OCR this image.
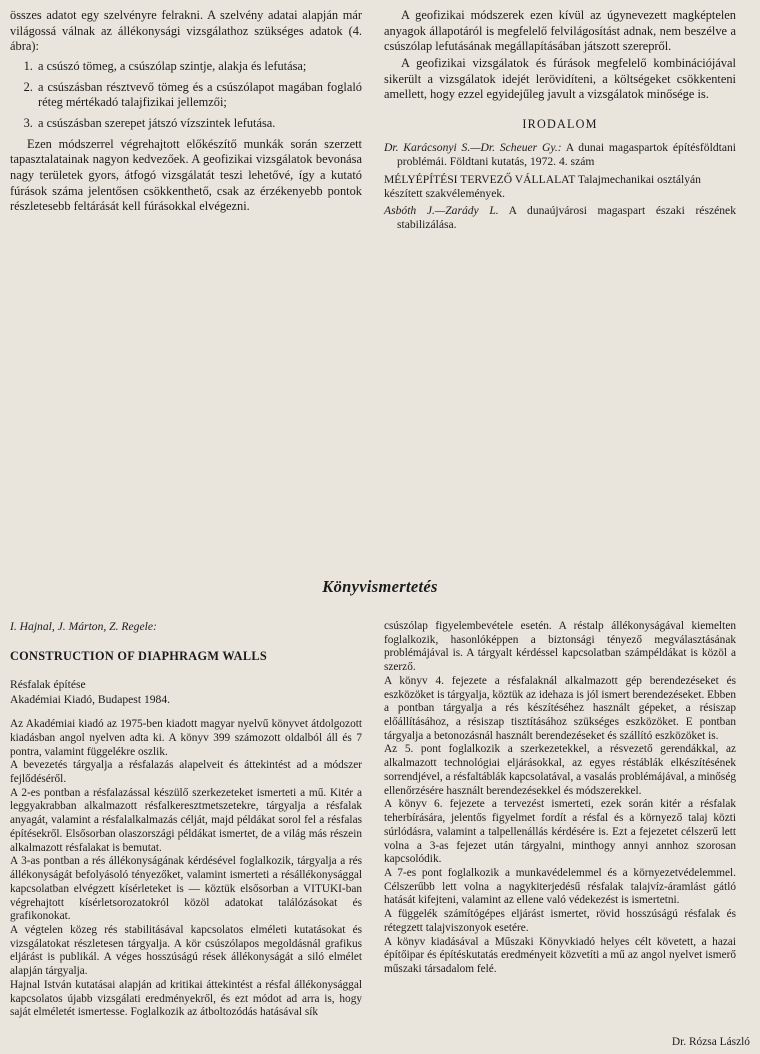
összes adatot egy szelvényre felrakni. A szelvény adatai alapján már világossá válnak az állékonysági vizsgálathoz szükséges adatok (4. ábra):

1. a csúszó tömeg, a csúszólap szintje, alakja és lefutása;
2. a csúszásban résztvevő tömeg és a csúszólapot magában foglaló réteg mértékadó talajfizikai jellemzői;
3. a csúszásban szerepet játszó vízszintek lefutása.

Ezen módszerrel végrehajtott előkészítő munkák során szerzett tapasztalatainak nagyon kedvezőek. A geofizikai vizsgálatok bevonása nagy területek gyors, átfogó vizsgálatát teszi lehetővé, így a kutató fúrások száma jelentősen csökkenthető, csak az érzékenyebb pontok részletesebb feltárását kell fúrásokkal elvégezni.

A geofizikai módszerek ezen kívül az úgynevezett magképtelen anyagok állapotáról is megfelelő felvilágosítást adnak, nem beszélve a csúszólap lefutásának megállapításában játszott szerepről.

A geofizikai vizsgálatok és fúrások megfelelő kombinációjával sikerült a vizsgálatok idejét lerövidíteni, a költségeket csökkenteni amellett, hogy ezzel egyidejűleg javult a vizsgálatok minősége is.

IRODALOM
Dr. Karácsonyi S.—Dr. Scheuer Gy.: A dunai magaspartok építésföldtani problémái. Földtani kutatás, 1972. 4. szám
MÉLYÉPÍTÉSI TERVEZŐ VÁLLALAT Talajmechanikai osztályán készített szakvélemények.
Asbóth J.—Zarády L. A dunaújvárosi magaspart északi részének stabilizálása.
Könyvismertetés
I. Hajnal, J. Márton, Z. Regele:
CONSTRUCTION OF DIAPHRAGM WALLS
Résfalak építése
Akadémiai Kiadó, Budapest 1984.

Az Akadémiai kiadó az 1975-ben kiadott magyar nyelvű könyvet átdolgozott kiadásban angol nyelven adta ki. A könyv 399 számozott oldalból áll és 7 pontra, valamint függelékre oszlik.

A bevezetés tárgyalja a résfalazás alapelveit és áttekintést ad a módszer fejlődéséről.

A 2-es pontban a résfalazással készülő szerkezeteket ismerteti a mű. Kitér a leggyakrabban alkalmazott résfalkeresztmetszetekre, tárgyalja a résfalak anyagát, valamint a résfalalkalmazás célját, majd példákat sorol fel a résfalas építésekről. Elsősorban olaszországi példákat ismertet, de a világ más részein alkalmazott résfalakat is bemutat.

A 3-as pontban a rés állékonyságának kérdésével foglalkozik, tárgyalja a rés állékonyságát befolyásoló tényezőket, valamint ismerteti a résállékonysággal kapcsolatban elvégzett kísérleteket is — köztük elsősorban a VITUKI-ban végrehajtott kísérletsorozatokról közöl adatokat találózásokat és grafikonokat.

A végtelen közeg rés stabilitásával kapcsolatos elméleti kutatásokat és vizsgálatokat részletesen tárgyalja. A kör csúszólapos megoldásnál grafikus eljárást is publikál. A véges hosszúságú rések állékonyságát a siló elmélet alapján tárgyalja.

Hajnal István kutatásai alapján ad kritikai áttekintést a résfal állékonysággal kapcsolatos újabb vizsgálati eredményekről, és ezt módot ad arra is, hogy saját elméletét ismertesse. Foglalkozik az átboltozódás hatásával sík

csúszólap figyelembevétele esetén. A réstalp állékonyságával kiemelten foglalkozik, hasonlóképpen a biztonsági tényező megválasztásának problémájával is. A tárgyalt kérdéssel kapcsolatban számpéldákat is közöl a szerző.

A könyv 4. fejezete a résfalaknál alkalmazott gép berendezéseket és eszközöket is tárgyalja, köztük az idehaza is jól ismert berendezéseket. Ebben a pontban tárgyalja a rés készítéséhez használt gépeket, a résiszap előállításához, a résiszap tisztításához szükséges eszközöket. E pontban tárgyalja a betonozásnál használt berendezéseket és szállító eszközöket is.

Az 5. pont foglalkozik a szerkezetekkel, a résvezető gerendákkal, az alkalmazott technológiai eljárásokkal, az egyes réstáblák elkészítésének sorrendjével, a résfaltáblák kapcsolatával, a vasalás problémájával, a minőség ellenőrzésére használt berendezésekkel és módszerekkel.

A könyv 6. fejezete a tervezést ismerteti, ezek során kitér a résfalak teherbírására, jelentős figyelmet fordít a résfal és a környező talaj közti súrlódásra, valamint a talpellenállás kérdésére is. Ezt a fejezetet célszerű lett volna a 3-as fejezet után tárgyalni, minthogy annyi annhoz szorosan kapcsolódik.

A 7-es pont foglalkozik a munkavédelemmel és a környezetvédelemmel. Célszerűbb lett volna a nagykiterjedésű résfalak talajvíz-áramlást gátló hatását kifejteni, valamint az ellene való védekezést is ismertetni.

A függelék számítógépes eljárást ismertet, rövid hosszúságú résfalak és rétegzett talajviszonyok esetére.

A könyv kiadásával a Műszaki Könyvkiadó helyes célt követett, a hazai építőipar és építéskutatás eredményeit közvetíti a mű az angol nyelvet ismerő műszaki társadalom felé.

Dr. Rózsa László
